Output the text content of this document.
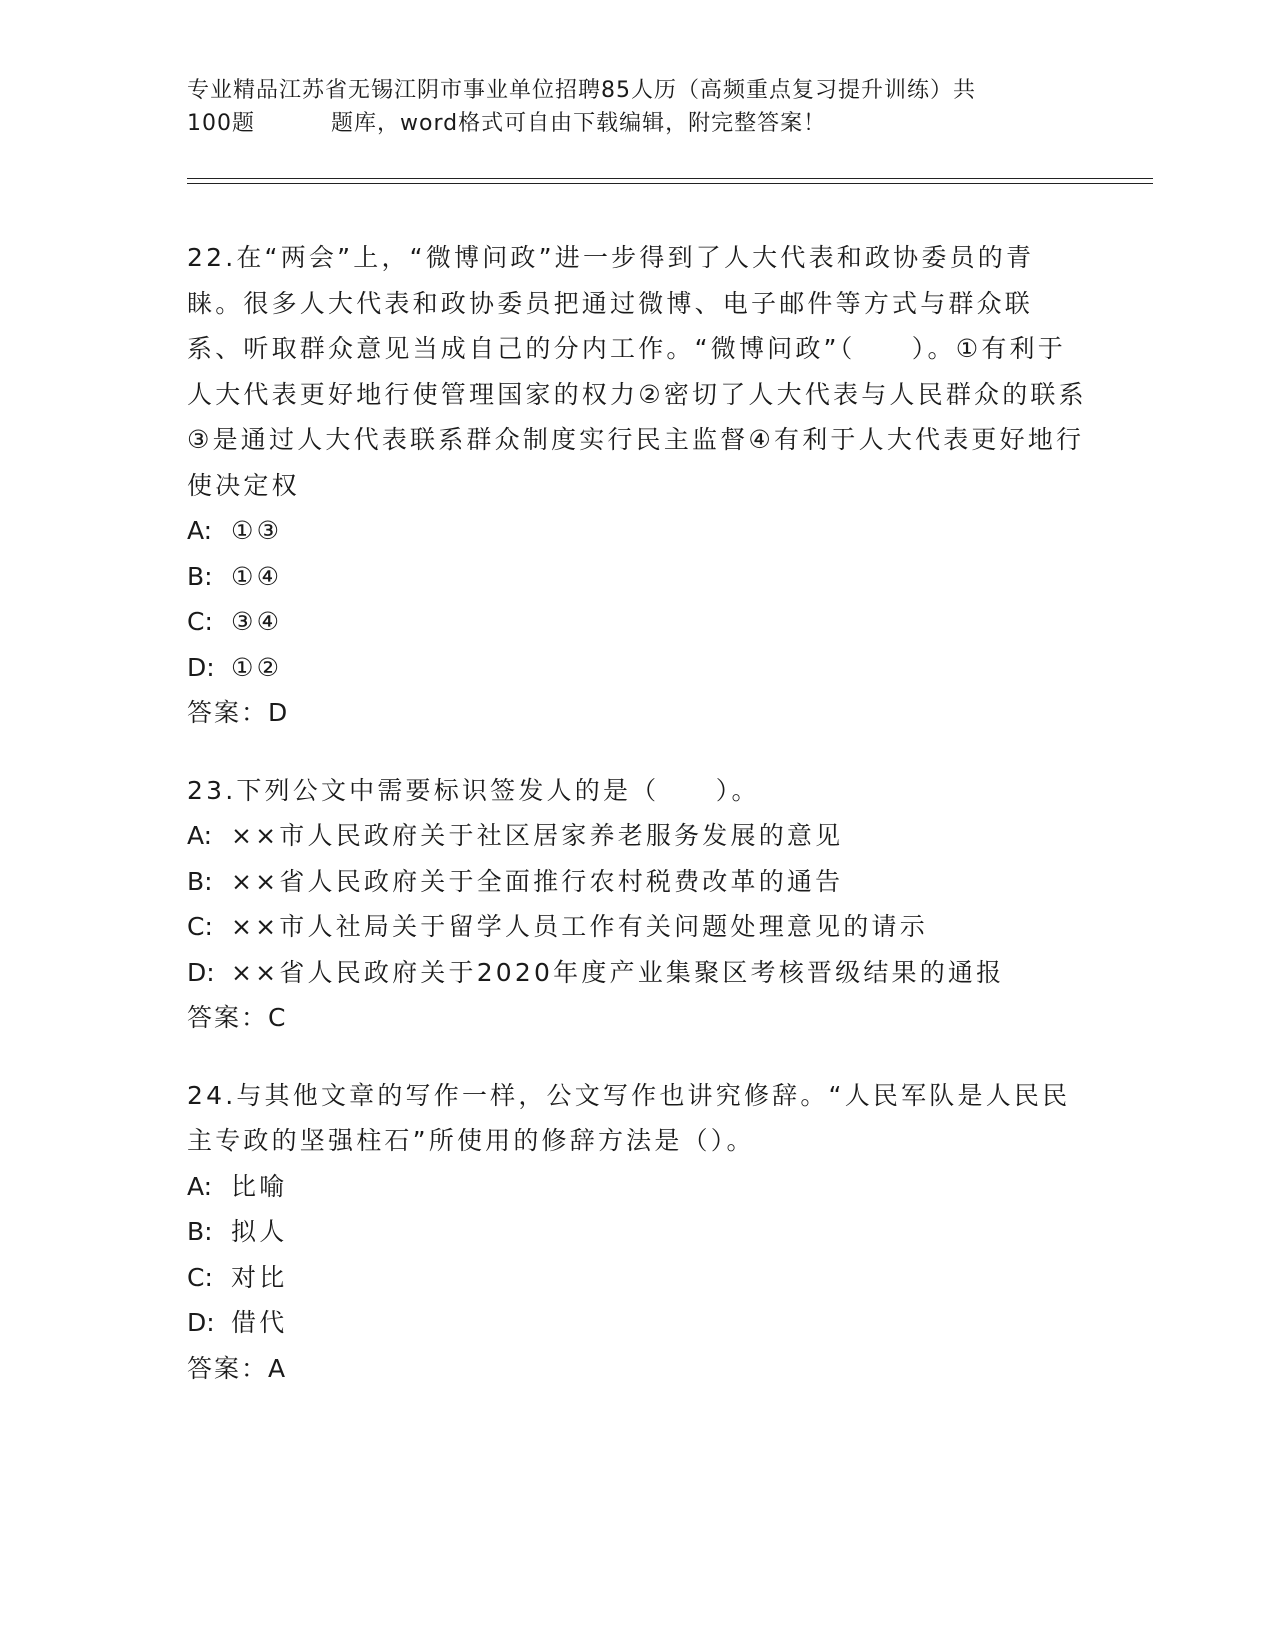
专业精品江苏省无锡江阴市事业单位招聘85人历（高频重点复习提升训练）共
100题	题库，word格式可自由下载编辑，附完整答案！

22.在“两会”上，“微博问政”进一步得到了人大代表和政协委员的青睐。很多人大代表和政协委员把通过微博、电子邮件等方式与群众联系、听取群众意见当成自己的分内工作。“微博问政”（　　）。①有利于人大代表更好地行使管理国家的权力②密切了人大代表与人民群众的联系③是通过人大代表联系群众制度实行民主监督④有利于人大代表更好地行使决定权

A: ①③

B: ①④

C: ③④

D: ①②

答案：D

23.下列公文中需要标识签发人的是（　　）。

A: ××市人民政府关于社区居家养老服务发展的意见

B: ××省人民政府关于全面推行农村税费改革的通告

C: ××市人社局关于留学人员工作有关问题处理意见的请示

D: ××省人民政府关于2020年度产业集聚区考核晋级结果的通报

答案：C

24.与其他文章的写作一样，公文写作也讲究修辞。“人民军队是人民民主专政的坚强柱石”所使用的修辞方法是（）。

A: 比喻

B: 拟人

C: 对比

D: 借代

答案：A
